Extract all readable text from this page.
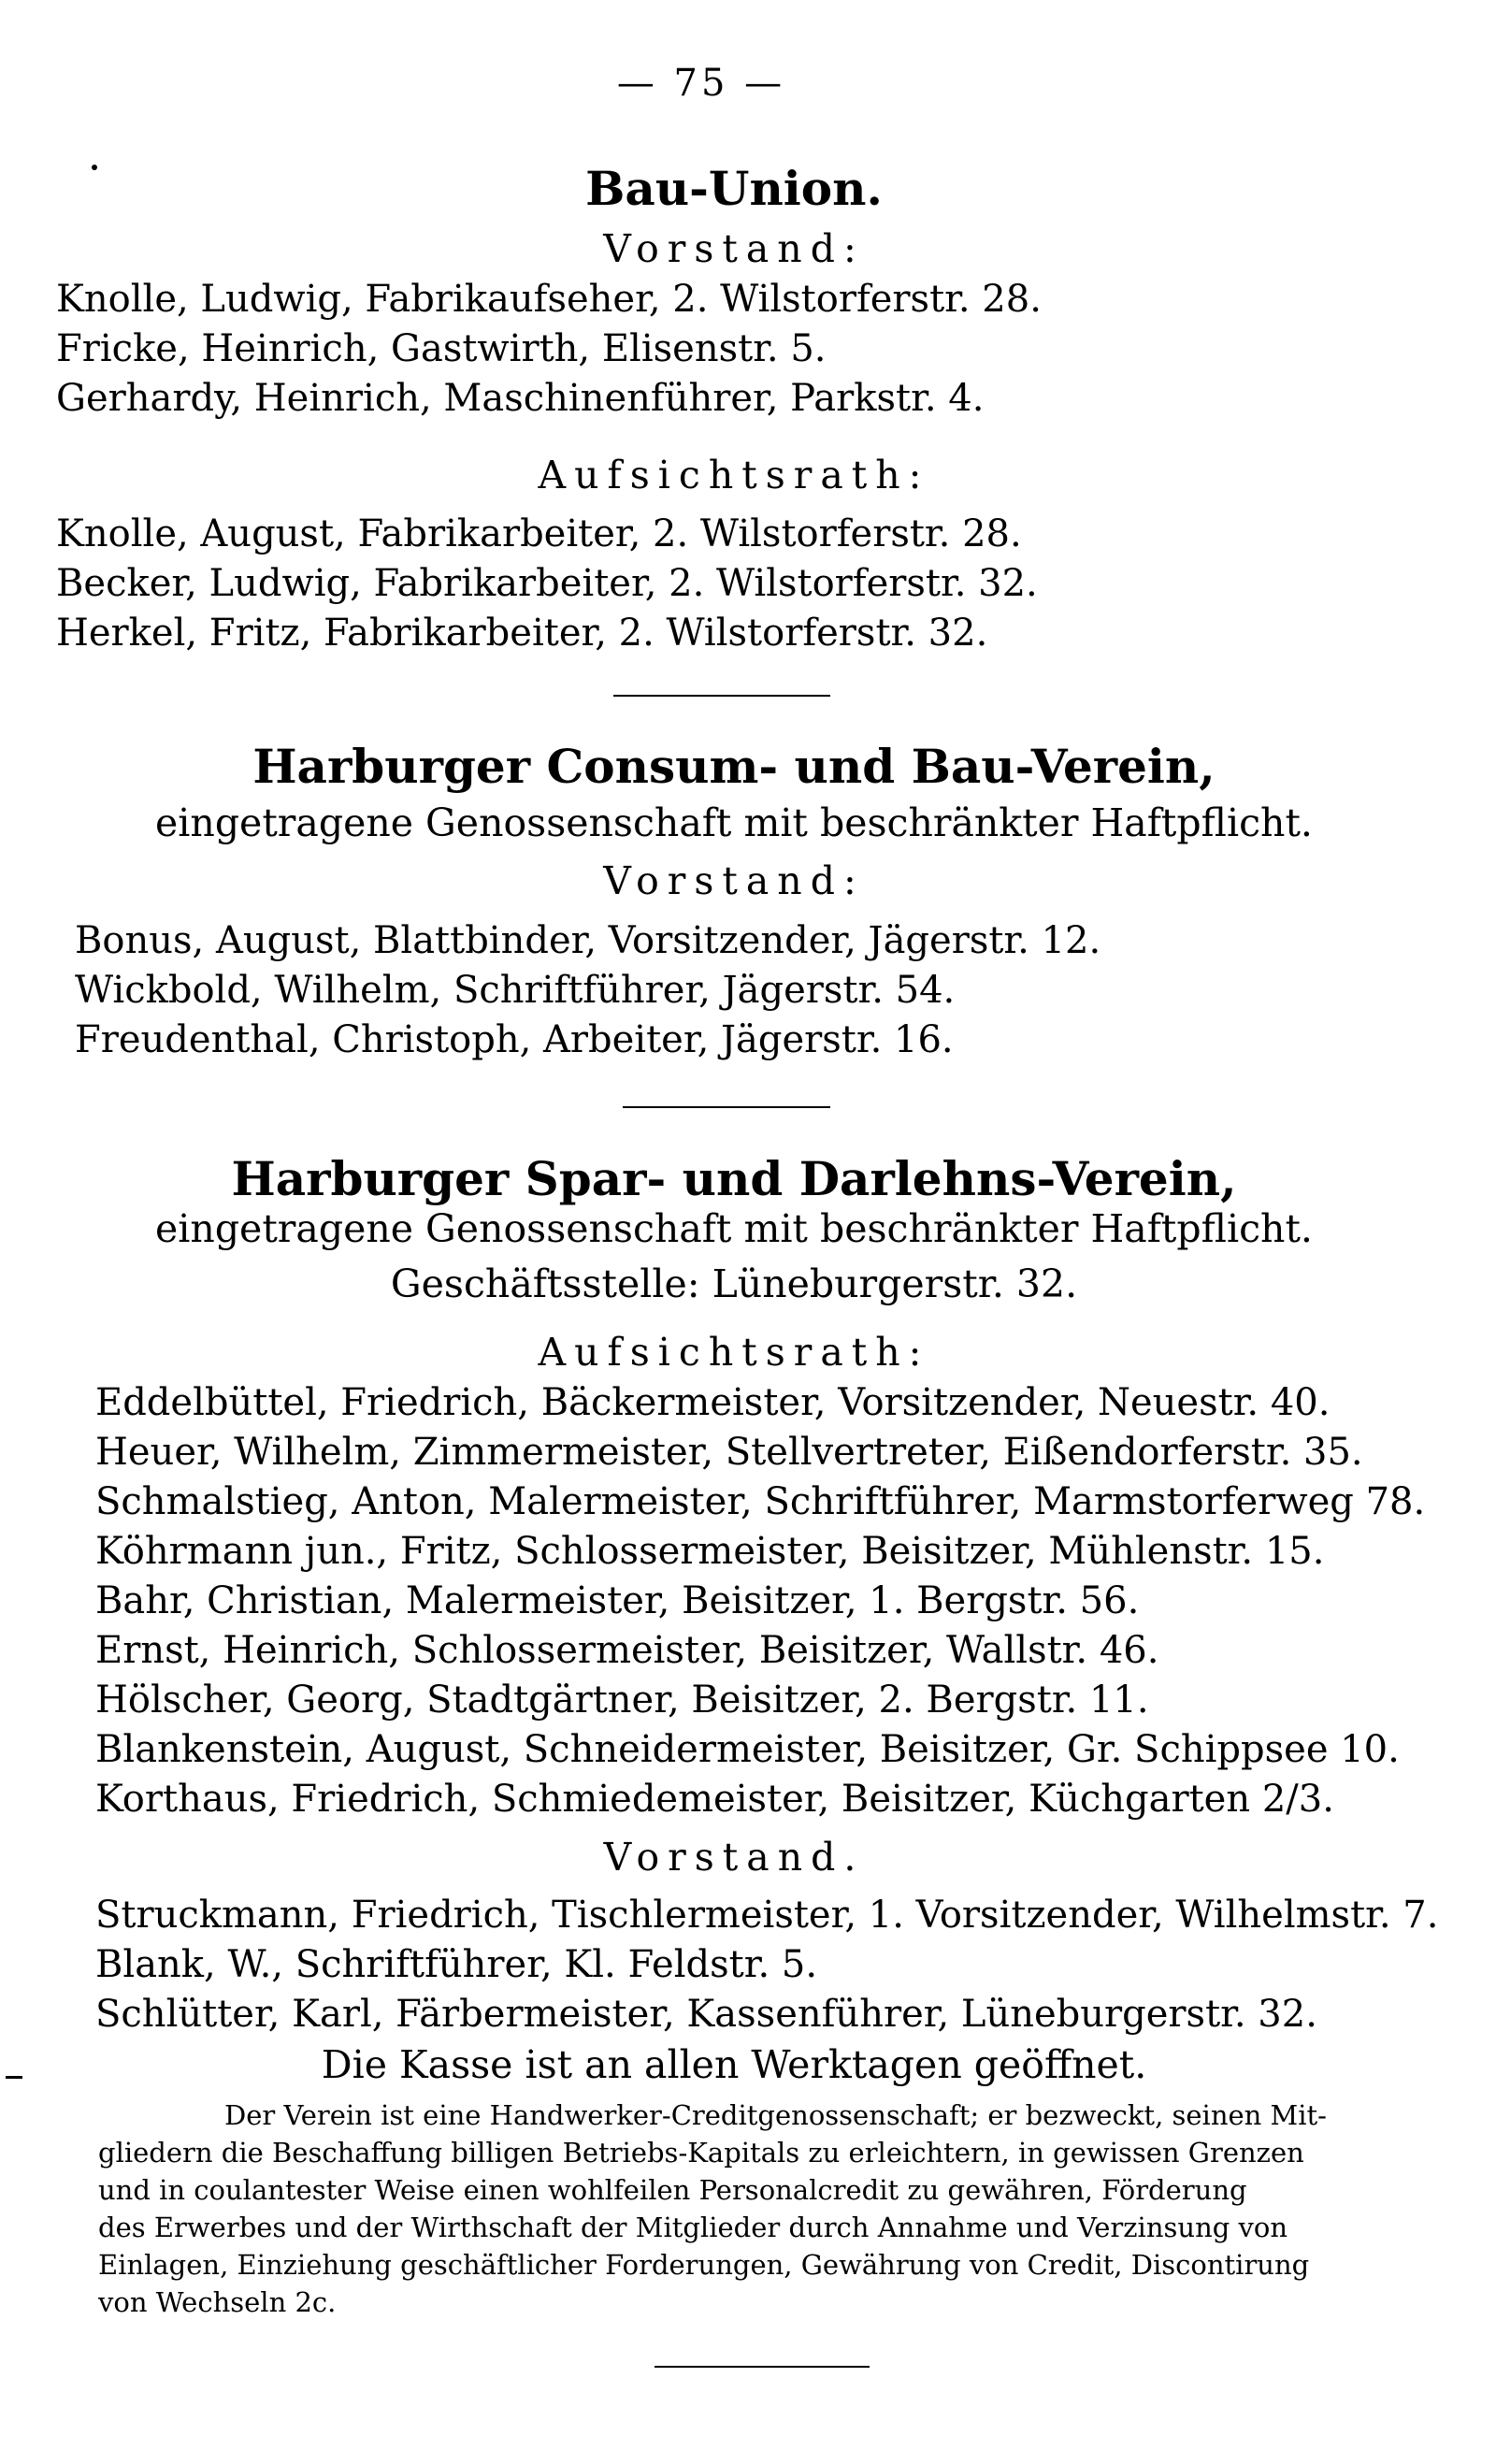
— 75 —
Bau-Union.
Vorstand:
Knolle, Ludwig, Fabrikaufseher, 2. Wilstorferstr. 28.
Fricke, Heinrich, Gastwirth, Elisenstr. 5.
Gerhardy, Heinrich, Maschinenführer, Parkstr. 4.
Aufsichtsrath:
Knolle, August, Fabrikarbeiter, 2. Wilstorferstr. 28.
Becker, Ludwig, Fabrikarbeiter, 2. Wilstorferstr. 32.
Herkel, Fritz, Fabrikarbeiter, 2. Wilstorferstr. 32.
Harburger Consum- und Bau-Verein,
eingetragene Genossenschaft mit beschränkter Haftpflicht.
Vorstand:
Bonus, August, Blattbinder, Vorsitzender, Jägerstr. 12.
Wickbold, Wilhelm, Schriftführer, Jägerstr. 54.
Freudenthal, Christoph, Arbeiter, Jägerstr. 16.
Harburger Spar- und Darlehns-Verein,
eingetragene Genossenschaft mit beschränkter Haftpflicht.
Geschäftsstelle: Lüneburgerstr. 32.
Aufsichtsrath:
Eddelbüttel, Friedrich, Bäckermeister, Vorsitzender, Neuestr. 40.
Heuer, Wilhelm, Zimmermeister, Stellvertreter, Eißendorferstr. 35.
Schmalstieg, Anton, Malermeister, Schriftführer, Marmstorferweg 78.
Köhrmann jun., Fritz, Schlossermeister, Beisitzer, Mühlenstr. 15.
Bahr, Christian, Malermeister, Beisitzer, 1. Bergstr. 56.
Ernst, Heinrich, Schlossermeister, Beisitzer, Wallstr. 46.
Hölscher, Georg, Stadtgärtner, Beisitzer, 2. Bergstr. 11.
Blankenstein, August, Schneidermeister, Beisitzer, Gr. Schippsee 10.
Korthaus, Friedrich, Schmiedemeister, Beisitzer, Küchgarten 2/3.
Vorstand.
Struckmann, Friedrich, Tischlermeister, 1. Vorsitzender, Wilhelmstr. 7.
Blank, W., Schriftführer, Kl. Feldstr. 5.
Schlütter, Karl, Färbermeister, Kassenführer, Lüneburgerstr. 32.
Die Kasse ist an allen Werktagen geöffnet.
Der Verein ist eine Handwerker-Creditgenossenschaft; er bezweckt, seinen Mit-
gliedern die Beschaffung billigen Betriebs-Kapitals zu erleichtern, in gewissen Grenzen
und in coulantester Weise einen wohlfeilen Personalcredit zu gewähren, Förderung
des Erwerbes und der Wirthschaft der Mitglieder durch Annahme und Verzinsung von
Einlagen, Einziehung geschäftlicher Forderungen, Gewährung von Credit, Discontirung
von Wechseln 2c.
